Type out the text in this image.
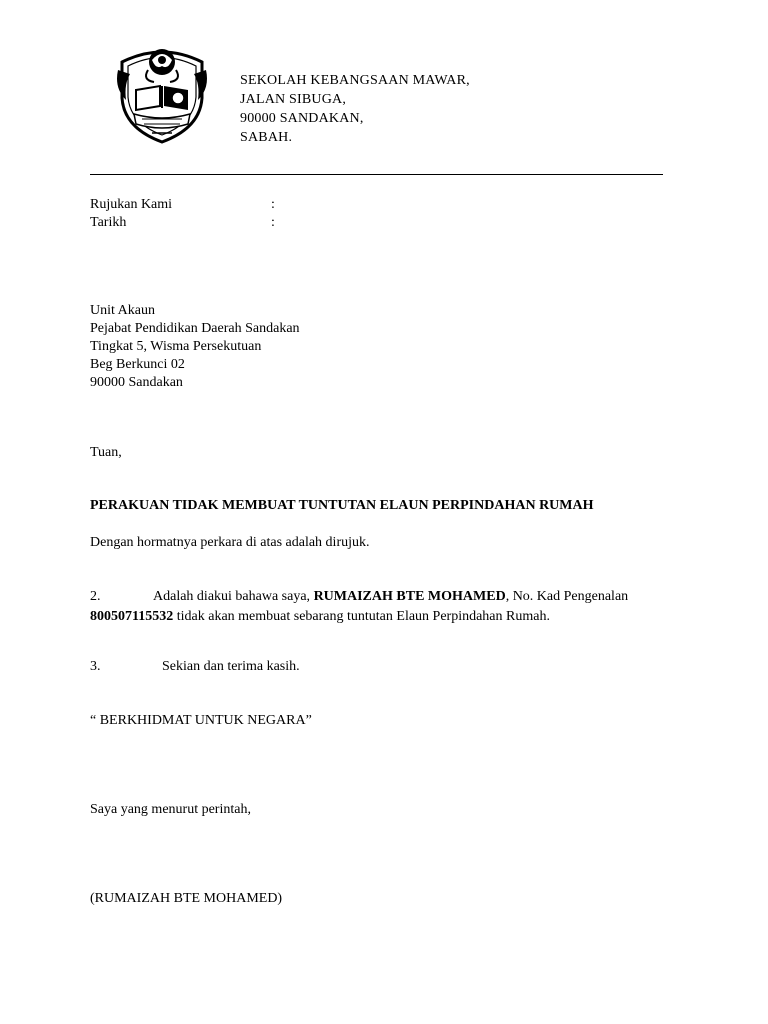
SEKOLAH KEBANGSAAN MAWAR,
JALAN SIBUGA,
90000 SANDAKAN,
SABAH.
Rujukan Kami	:
Tarikh	:
Unit Akaun
Pejabat Pendidikan Daerah Sandakan
Tingkat 5, Wisma Persekutuan
Beg Berkunci 02
90000 Sandakan
Tuan,
PERAKUAN TIDAK MEMBUAT TUNTUTAN ELAUN PERPINDAHAN RUMAH
Dengan hormatnya perkara di atas adalah dirujuk.
2.	Adalah diakui bahawa saya, RUMAIZAH BTE MOHAMED, No. Kad Pengenalan
800507115532 tidak akan membuat sebarang tuntutan Elaun Perpindahan Rumah.
3.	Sekian dan terima kasih.
“ BERKHIDMAT UNTUK NEGARA”
Saya yang menurut perintah,
(RUMAIZAH BTE MOHAMED)
